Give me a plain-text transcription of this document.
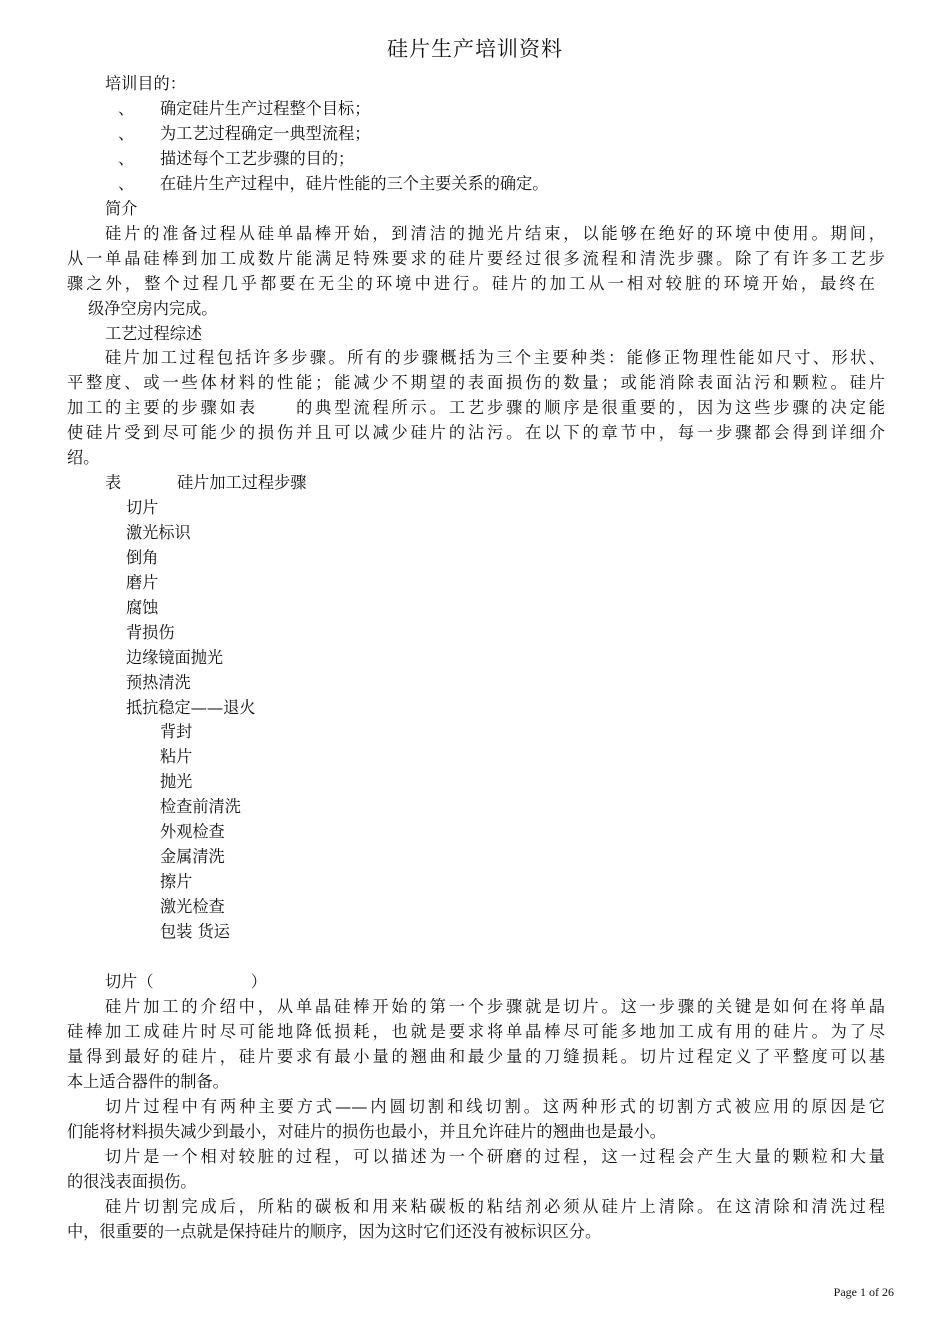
硅片生产培训资料
培训目的：
、 确定硅片生产过程整个目标；
、 为工艺过程确定一典型流程；
、 描述每个工艺步骤的目的；
、 在硅片生产过程中，硅片性能的三个主要关系的确定。
简介
硅片的准备过程从硅单晶棒开始，到清洁的抛光片结束，以能够在绝好的环境中使用。期间，
从一单晶硅棒到加工成数片能满足特殊要求的硅片要经过很多流程和清洗步骤。除了有许多工艺步
骤之外，整个过程几乎都要在无尘的环境中进行。硅片的加工从一相对较脏的环境开始，最终在
级净空房内完成。
工艺过程综述
硅片加工过程包括许多步骤。所有的步骤概括为三个主要种类：能修正物理性能如尺寸、形状、
平整度、或一些体材料的性能；能减少不期望的表面损伤的数量；或能消除表面沾污和颗粒。硅片
加工的主要的步骤如表　　的典型流程所示。工艺步骤的顺序是很重要的，因为这些步骤的决定能
使硅片受到尽可能少的损伤并且可以减少硅片的沾污。在以下的章节中，每一步骤都会得到详细介
绍。
表	硅片加工过程步骤
切片
激光标识
倒角
磨片
腐蚀
背损伤
边缘镜面抛光
预热清洗
抵抗稳定——退火
背封
粘片
抛光
检查前清洗
外观检查
金属清洗
擦片
激光检查
包装 货运
切片（　　　　　　）
硅片加工的介绍中，从单晶硅棒开始的第一个步骤就是切片。这一步骤的关键是如何在将单晶
硅棒加工成硅片时尽可能地降低损耗，也就是要求将单晶棒尽可能多地加工成有用的硅片。为了尽
量得到最好的硅片，硅片要求有最小量的翘曲和最少量的刀缝损耗。切片过程定义了平整度可以基
本上适合器件的制备。
切片过程中有两种主要方式——内圆切割和线切割。这两种形式的切割方式被应用的原因是它
们能将材料损失减少到最小，对硅片的损伤也最小，并且允许硅片的翘曲也是最小。
切片是一个相对较脏的过程，可以描述为一个研磨的过程，这一过程会产生大量的颗粒和大量
的很浅表面损伤。
硅片切割完成后，所粘的碳板和用来粘碳板的粘结剂必须从硅片上清除。在这清除和清洗过程
中，很重要的一点就是保持硅片的顺序，因为这时它们还没有被标识区分。
Page 1 of 26
